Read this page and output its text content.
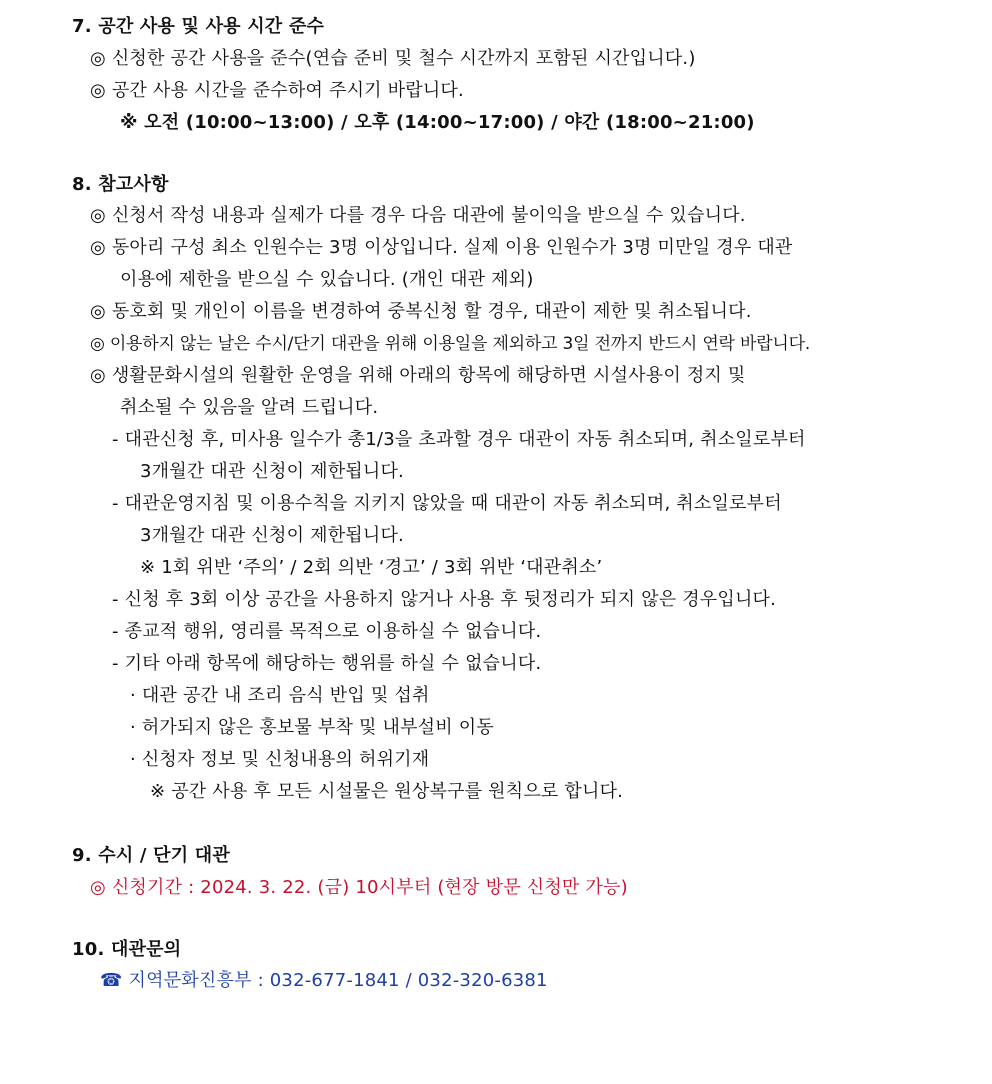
7. 공간 사용 및 사용 시간 준수
◎ 신청한 공간 사용을 준수(연습 준비 및 철수 시간까지 포함된 시간입니다.)
◎ 공간 사용 시간을 준수하여 주시기 바랍니다.
※ 오전 (10:00~13:00) / 오후 (14:00~17:00) / 야간 (18:00~21:00)
8. 참고사항
◎ 신청서 작성 내용과 실제가 다를 경우 다음 대관에 불이익을 받으실 수 있습니다.
◎ 동아리 구성 최소 인원수는 3명 이상입니다. 실제 이용 인원수가 3명 미만일 경우 대관
이용에 제한을 받으실 수 있습니다. (개인 대관 제외)
◎ 동호회 및 개인이 이름을 변경하여 중복신청 할 경우, 대관이 제한 및 취소됩니다.
◎ 이용하지 않는 날은 수시/단기 대관을 위해 이용일을 제외하고 3일 전까지 반드시 연락 바랍니다.
◎ 생활문화시설의 원활한 운영을 위해 아래의 항목에 해당하면 시설사용이 정지 및
취소될 수 있음을 알려 드립니다.
- 대관신청 후, 미사용 일수가 총1/3을 초과할 경우 대관이 자동 취소되며, 취소일로부터
3개월간 대관 신청이 제한됩니다.
- 대관운영지침 및 이용수칙을 지키지 않았을 때 대관이 자동 취소되며, 취소일로부터
3개월간 대관 신청이 제한됩니다.
※ 1회 위반 ‘주의’ / 2회 의반 ‘경고’ / 3회 위반 ‘대관취소’
- 신청 후 3회 이상 공간을 사용하지 않거나 사용 후 뒷정리가 되지 않은 경우입니다.
- 종교적 행위, 영리를 목적으로 이용하실 수 없습니다.
- 기타 아래 항목에 해당하는 행위를 하실 수 없습니다.
· 대관 공간 내 조리 음식 반입 및 섭취
· 허가되지 않은 홍보물 부착 및 내부설비 이동
· 신청자 정보 및 신청내용의 허위기재
※ 공간 사용 후 모든 시설물은 원상복구를 원칙으로 합니다.
9. 수시 / 단기 대관
◎ 신청기간 : 2024. 3. 22. (금) 10시부터 (현장 방문 신청만 가능)
10. 대관문의
☎ 지역문화진흥부 : 032-677-1841 / 032-320-6381
